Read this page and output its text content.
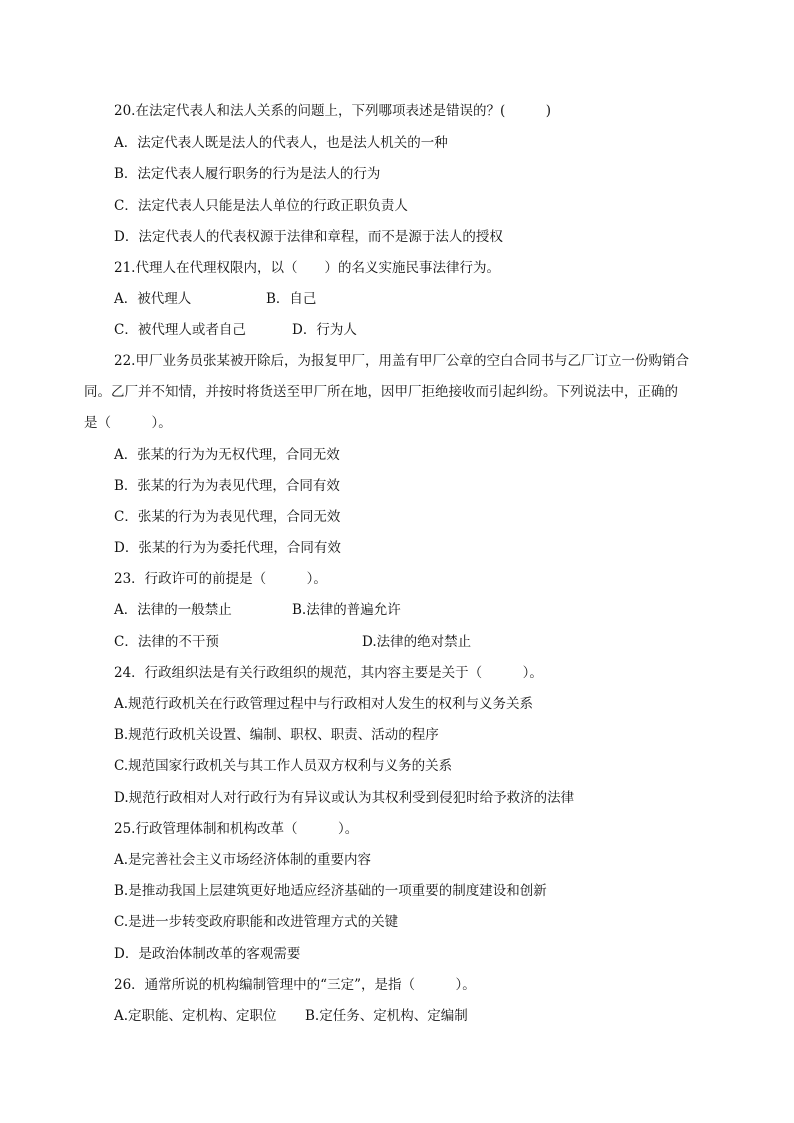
20.在法定代表人和法人关系的问题上，下列哪项表述是错误的？(　　　)
A．法定代表人既是法人的代表人，也是法人机关的一种
B．法定代表人履行职务的行为是法人的行为
C．法定代表人只能是法人单位的行政正职负责人
D．法定代表人的代表权源于法律和章程，而不是源于法人的授权
21.代理人在代理权限内，以（　　）的名义实施民事法律行为。
A．被代理人	B．自己
C．被代理人或者自己	D．行为人
22.甲厂业务员张某被开除后，为报复甲厂，用盖有甲厂公章的空白合同书与乙厂订立一份购销合
同。乙厂并不知情，并按时将货送至甲厂所在地，因甲厂拒绝接收而引起纠纷。下列说法中，正确的
是（　　　）。
A．张某的行为为无权代理，合同无效
B．张某的行为为表见代理，合同有效
C．张某的行为为表见代理，合同无效
D．张某的行为为委托代理，合同有效
23．行政许可的前提是（　　　）。
A．法律的一般禁止	B.法律的普遍允许
C．法律的不干预	D.法律的绝对禁止
24．行政组织法是有关行政组织的规范，其内容主要是关于（　　　）。
A.规范行政机关在行政管理过程中与行政相对人发生的权利与义务关系
B.规范行政机关设置、编制、职权、职责、活动的程序
C.规范国家行政机关与其工作人员双方权利与义务的关系
D.规范行政相对人对行政行为有异议或认为其权利受到侵犯时给予救济的法律
25.行政管理体制和机构改革（　　　）。
A.是完善社会主义市场经济体制的重要内容
B.是推动我国上层建筑更好地适应经济基础的一项重要的制度建设和创新
C.是进一步转变政府职能和改进管理方式的关键
D．是政治体制改革的客观需要
26．通常所说的机构编制管理中的“三定”，是指（　　　）。
A.定职能、定机构、定职位 B.定任务、定机构、定编制
